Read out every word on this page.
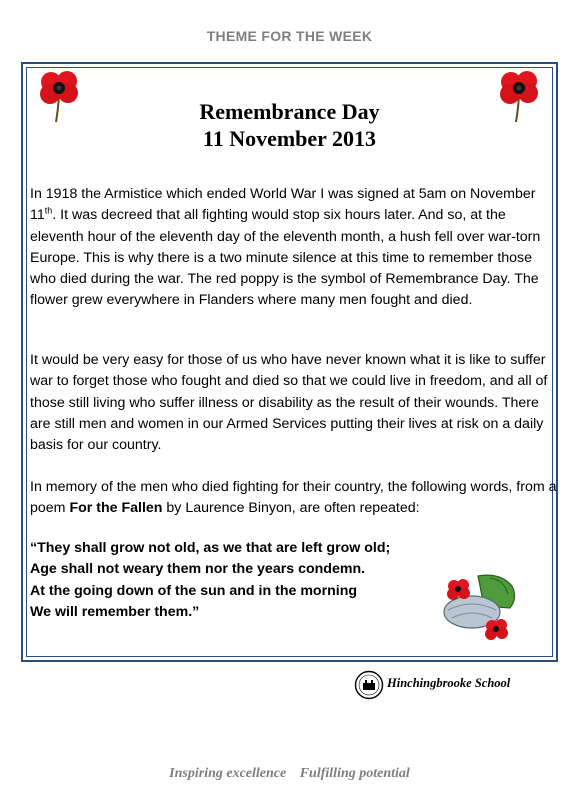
THEME FOR THE WEEK
Remembrance Day
11 November 2013
In 1918 the Armistice which ended World War I was signed at 5am on November 11th. It was decreed that all fighting would stop six hours later. And so, at the eleventh hour of the eleventh day of the eleventh month, a hush fell over war-torn Europe. This is why there is a two minute silence at this time to remember those who died during the war. The red poppy is the symbol of Remembrance Day. The flower grew everywhere in Flanders where many men fought and died.
It would be very easy for those of us who have never known what it is like to suffer war to forget those who fought and died so that we could live in freedom, and all of those still living who suffer illness or disability as the result of their wounds. There are still men and women in our Armed Services putting their lives at risk on a daily basis for our country.
In memory of the men who died fighting for their country, the following words, from a poem For the Fallen by Laurence Binyon, are often repeated:
“They shall grow not old, as we that are left grow old;
Age shall not weary them nor the years condemn.
At the going down of the sun and in the morning
We will remember them.”
Hinchingbrooke School
Inspiring excellence Fulfilling potential
